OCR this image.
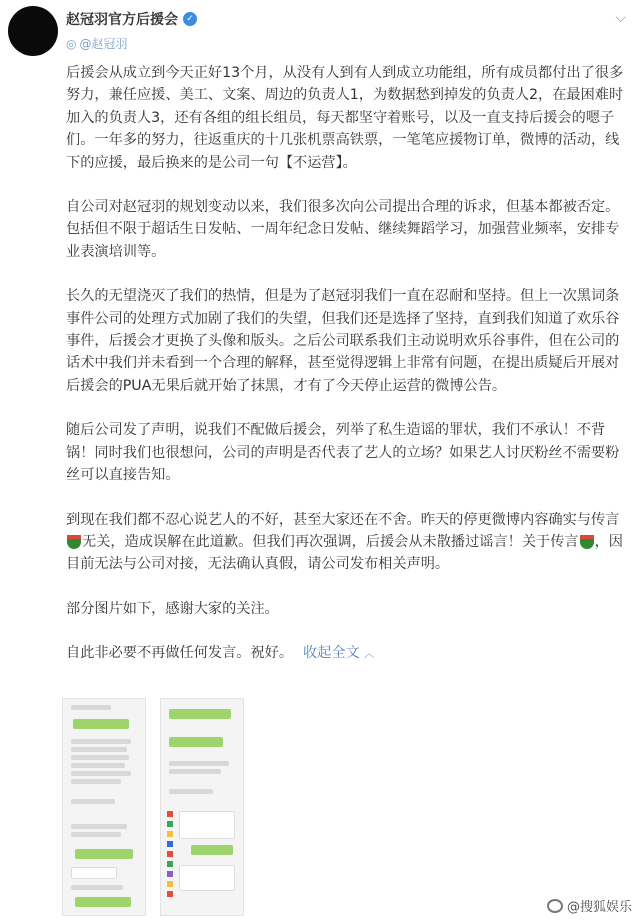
赵冠羽官方后援会 ✓	⌵
◎ @赵冠羽

后援会从成立到今天正好13个月，从没有人到有人到成立功能组，所有成员都付出了很多努力，兼任应援、美工、文案、周边的负责人1，为数据愁到掉发的负责人2，在最困难时加入的负责人3，还有各组的组长组员，每天都坚守着账号，以及一直支持后援会的嗯子们。一年多的努力，往返重庆的十几张机票高铁票，一笔笔应援物订单，微博的活动，线下的应援，最后换来的是公司一句【不运营】。

自公司对赵冠羽的规划变动以来，我们很多次向公司提出合理的诉求，但基本都被否定。包括但不限于超话生日发帖、一周年纪念日发帖、继续舞蹈学习，加强营业频率，安排专业表演培训等。

长久的无望浇灭了我们的热情，但是为了赵冠羽我们一直在忍耐和坚持。但上一次黑词条事件公司的处理方式加剧了我们的失望，但我们还是选择了坚持，直到我们知道了欢乐谷事件，后援会才更换了头像和版头。之后公司联系我们主动说明欢乐谷事件，但在公司的话术中我们并未看到一个合理的解释，甚至觉得逻辑上非常有问题，在提出质疑后开展对后援会的PUA无果后就开始了抹黑，才有了今天停止运营的微博公告。

随后公司发了声明，说我们不配做后援会，列举了私生造谣的罪状，我们不承认！不背锅！同时我们也很想问，公司的声明是否代表了艺人的立场？如果艺人讨厌粉丝不需要粉丝可以直接告知。

到现在我们都不忍心说艺人的不好，甚至大家还在不舍。昨天的停更微博内容确实与传言无关，造成误解在此道歉。但我们再次强调，后援会从未散播过谣言！关于传言 ，因目前无法与公司对接，无法确认真假，请公司发布相关声明。

部分图片如下，感谢大家的关注。

自此非必要不再做任何发言。祝好。 收起全文 ︿

@搜狐娱乐
